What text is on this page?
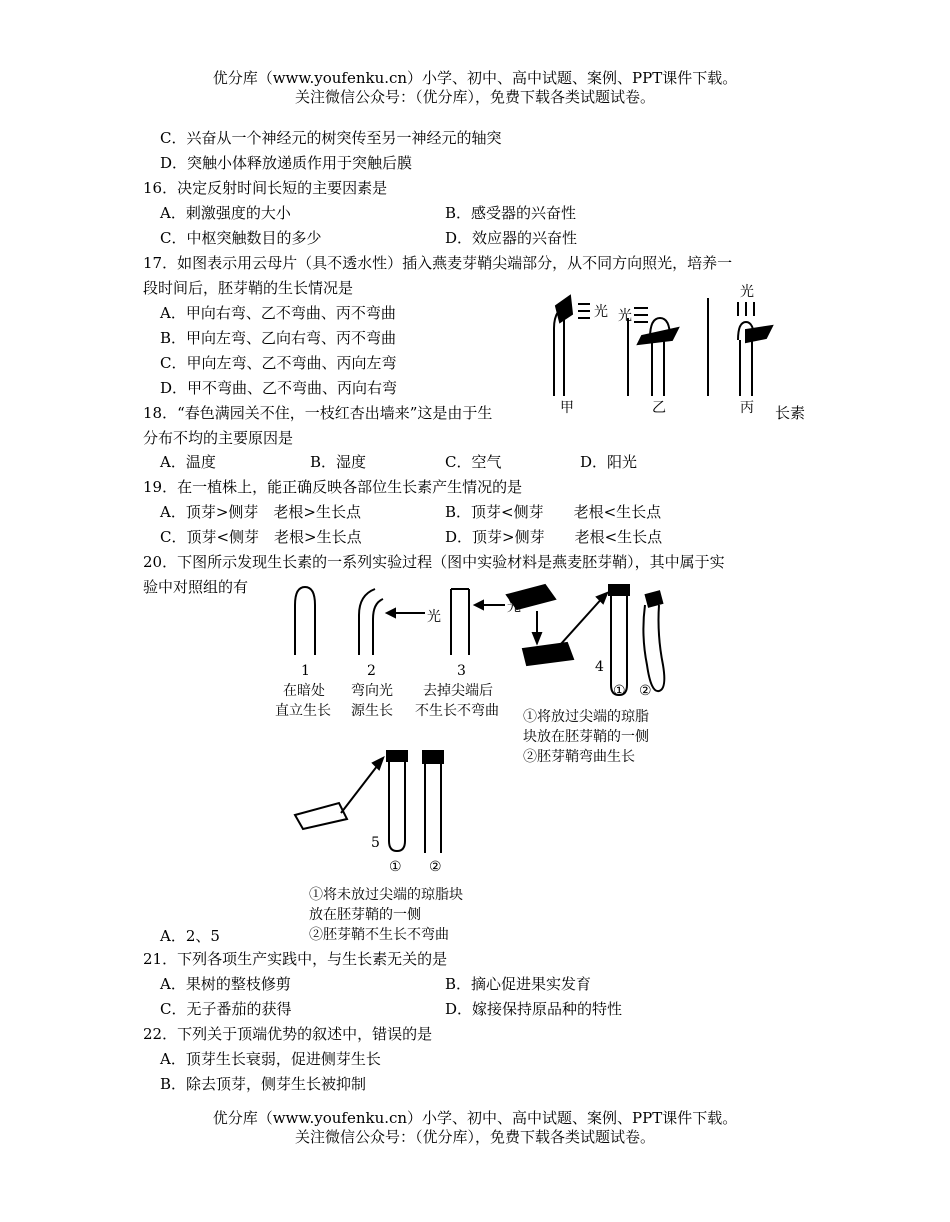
优分库（www.youfenku.cn）小学、初中、高中试题、案例、PPT课件下载。
关注微信公众号：（优分库），免费下载各类试题试卷。
C．兴奋从一个神经元的树突传至另一神经元的轴突
D．突触小体释放递质作用于突触后膜
16．决定反射时间长短的主要因素是
A．刺激强度的大小	B．感受器的兴奋性
C．中枢突触数目的多少	D．效应器的兴奋性
17．如图表示用云母片（具不透水性）插入燕麦芽鞘尖端部分，从不同方向照光，培养一
段时间后，胚芽鞘的生长情况是
A．甲向右弯、乙不弯曲、丙不弯曲
B．甲向左弯、乙向右弯、丙不弯曲
C．甲向左弯、乙不弯曲、丙向左弯
D．甲不弯曲、乙不弯曲、丙向右弯
光 光
光
甲	乙	丙
18．“春色满园关不住，一枝红杏出墙来”这是由于生	长素
分布不均的主要原因是
A．温度	B．湿度	C．空气	D．阳光
19．在一植株上，能正确反映各部位生长素产生情况的是
A．顶芽>侧芽　老根>生长点	B．顶芽<侧芽　　老根<生长点
C．顶芽<侧芽　老根>生长点	D．顶芽>侧芽　　老根<生长点
20．下图所示发现生长素的一系列实验过程（图中实验材料是燕麦胚芽鞘），其中属于实
验中对照组的有
1
在暗处
直立生长
2
弯向光
源生长
光
光
3
去掉尖端后
不生长不弯曲
4
① ②
①将放过尖端的琼脂
块放在胚芽鞘的一侧
②胚芽鞘弯曲生长
5
① ②
①将未放过尖端的琼脂块
放在胚芽鞘的一侧
②胚芽鞘不生长不弯曲
A．2、5
21．下列各项生产实践中，与生长素无关的是
A．果树的整枝修剪	B．摘心促进果实发育
C．无子番茄的获得	D．嫁接保持原品种的特性
22．下列关于顶端优势的叙述中，错误的是
A．顶芽生长衰弱，促进侧芽生长
B．除去顶芽，侧芽生长被抑制
优分库（www.youfenku.cn）小学、初中、高中试题、案例、PPT课件下载。
关注微信公众号：（优分库），免费下载各类试题试卷。
